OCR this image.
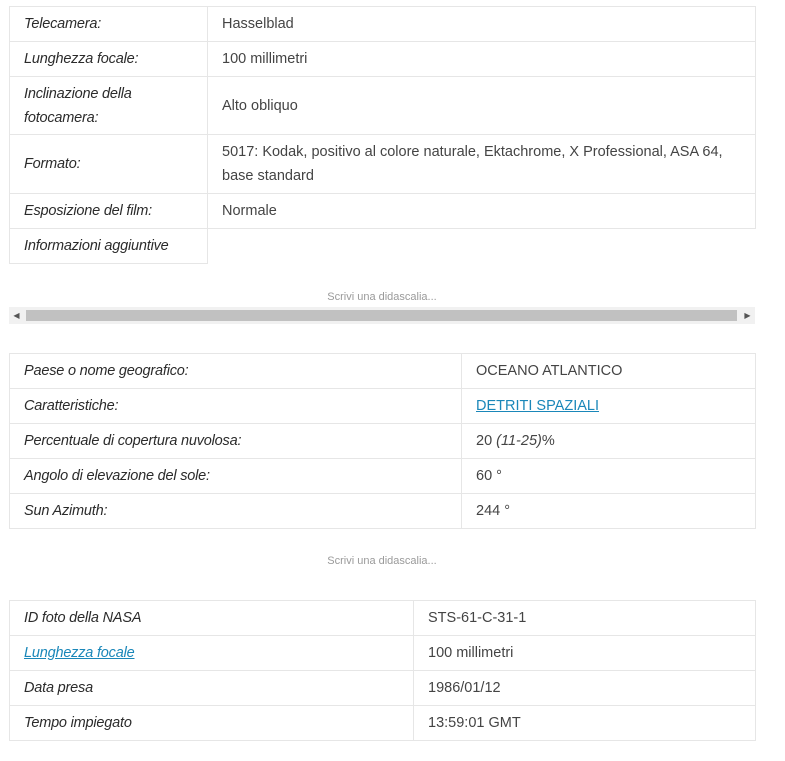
Telecamera:	Hasselblad
Lunghezza focale:	100 millimetri
Inclinazione della fotocamera:	Alto obliquo
Formato:	5017: Kodak, positivo al colore naturale, Ektachrome, X Professional, ASA 64, base standard
Esposizione del film:	Normale
Informazioni aggiuntive	
Scrivi una didascalia...
◀	▶
Paese o nome geografico:	OCEANO ATLANTICO
Caratteristiche:	DETRITI SPAZIALI
Percentuale di copertura nuvolosa:	20 (11-25)%
Angolo di elevazione del sole:	60 °
Sun Azimuth:	244 °
Scrivi una didascalia...
ID foto della NASA	STS-61-C-31-1
Lunghezza focale	100 millimetri
Data presa	1986/01/12
Tempo impiegato	13:59:01 GMT
